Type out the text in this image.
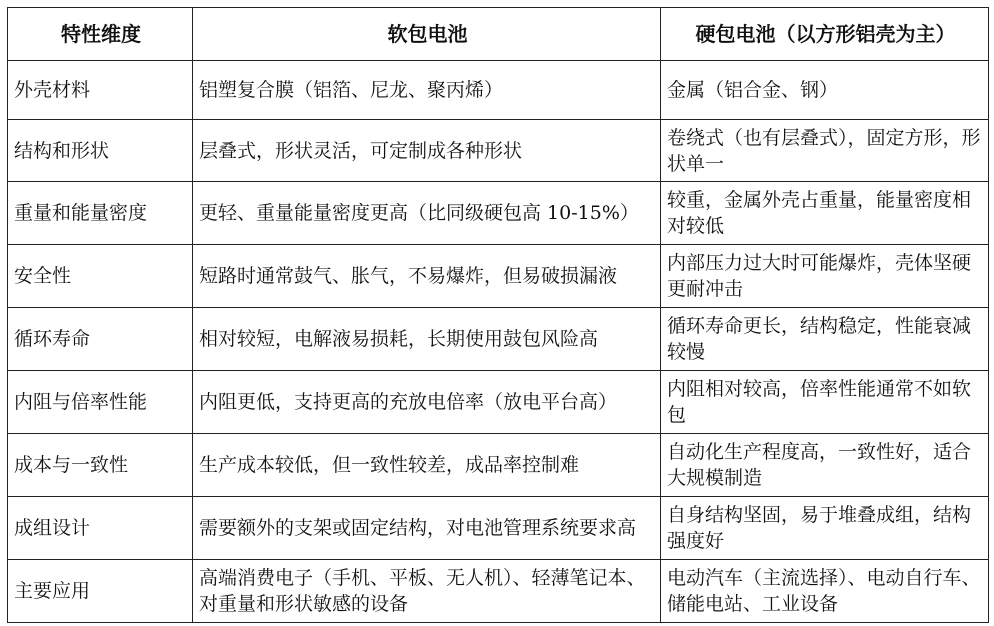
特性维度	软包电池	硬包电池（以方形铝壳为主）
外壳材料	铝塑复合膜（铝箔、尼龙、聚丙烯）	金属（铝合金、钢）
结构和形状	层叠式，形状灵活，可定制成各种形状	卷绕式（也有层叠式），固定方形，形状单一
重量和能量密度	更轻、重量能量密度更高（比同级硬包高 10-15%）	较重，金属外壳占重量，能量密度相对较低
安全性	短路时通常鼓气、胀气，不易爆炸，但易破损漏液	内部压力过大时可能爆炸，壳体坚硬更耐冲击
循环寿命	相对较短，电解液易损耗，长期使用鼓包风险高	循环寿命更长，结构稳定，性能衰减较慢
内阻与倍率性能	内阻更低，支持更高的充放电倍率（放电平台高）	内阻相对较高，倍率性能通常不如软包
成本与一致性	生产成本较低，但一致性较差，成品率控制难	自动化生产程度高，一致性好，适合大规模制造
成组设计	需要额外的支架或固定结构，对电池管理系统要求高	自身结构坚固，易于堆叠成组，结构强度好
主要应用	高端消费电子（手机、平板、无人机）、轻薄笔记本、对重量和形状敏感的设备	电动汽车（主流选择）、电动自行车、储能电站、工业设备
